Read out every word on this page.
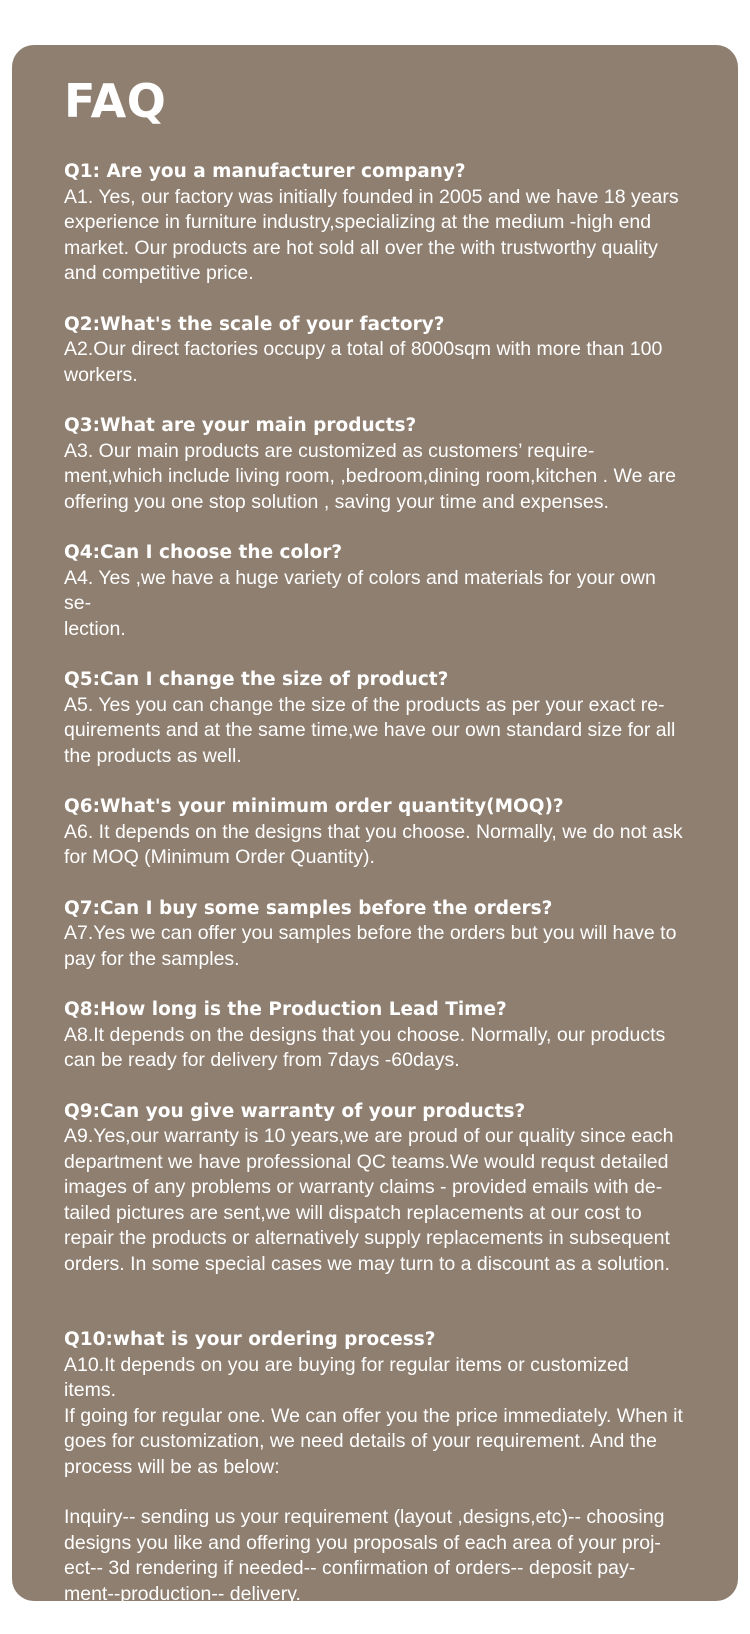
FAQ

Q1: Are you a manufacturer company?

A1. Yes, our factory was initially founded in 2005 and we have 18 years
experience in furniture industry,specializing at the medium -high end
market. Our products are hot sold all over the with trustworthy quality
and competitive price.

Q2:What's the scale of your factory?

A2.Our direct factories occupy a total of 8000sqm with more than 100
workers.

Q3:What are your main products?

A3. Our main products are customized as customers’ require-
ment,which include living room, ,bedroom,dining room,kitchen . We are
offering you one stop solution , saving your time and expenses.

Q4:Can I choose the color?

A4. Yes ,we have a huge variety of colors and materials for your own se-
lection.

Q5:Can I change the size of product?

A5. Yes you can change the size of the products as per your exact re-
quirements and at the same time,we have our own standard size for all
the products as well.

Q6:What's your minimum order quantity(MOQ)?

A6. It depends on the designs that you choose. Normally, we do not ask
for MOQ (Minimum Order Quantity).

Q7:Can I buy some samples before the orders?

A7.Yes we can offer you samples before the orders but you will have to
pay for the samples.

Q8:How long is the Production Lead Time?

A8.It depends on the designs that you choose. Normally, our products
can be ready for delivery from 7days -60days.

Q9:Can you give warranty of your products?

A9.Yes,our warranty is 10 years,we are proud of our quality since each
department we have professional QC teams.We would requst detailed
images of any problems or warranty claims - provided emails with de-
tailed pictures are sent,we will dispatch replacements at our cost to
repair the products or alternatively supply replacements in subsequent
orders. In some special cases we may turn to a discount as a solution.

Q10:what is your ordering process?

A10.It depends on you are buying for regular items or customized items.
If going for regular one. We can offer you the price immediately. When it
goes for customization, we need details of your requirement. And the
process will be as below:

Inquiry-- sending us your requirement (layout ,designs,etc)-- choosing
designs you like and offering you proposals of each area of your proj-
ect-- 3d rendering if needed-- confirmation of orders-- deposit pay-
ment--production-- delivery.
